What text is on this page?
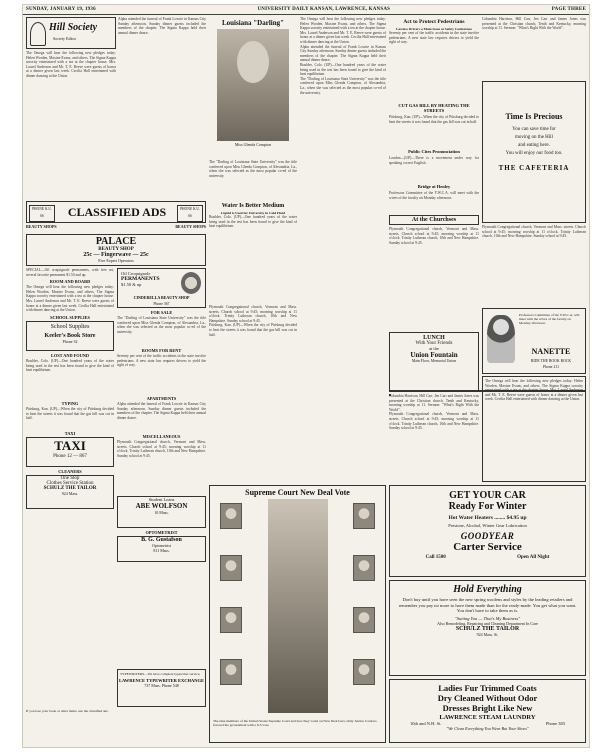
SUNDAY, JANUARY 19, 1936	UNIVERSITY DAILY KANSAN, LAWRENCE, KANSAS	PAGE THREE
Hill Society
Society Editor
The Omega will hear the following new pledges today: Helen Worden, Maxine Evans, and others. The Sigma Kappa sorority entertained with a tea at the chapter house. Mrs. Laurel Anderson and Mr. T. E. Reeve were guests of honor at a dinner given last week. Cecilia Hall entertained with dinner dancing at the Union.
PHONE K.U. 66	CLASSIFIED ADS	PHONE K.U. 66
BEAUTY SHOPS	BEAUTY SHOPS
PALACE
BEAUTY SHOP
25c — Fingerwave — 25c
Five Expert Operators
SPECIAL—Oil croquignole permanents, with free set, several favorite permanent $1.50 and up.
ROOM AND BOARD
The Omega will hear the following new pledges today: Helen Worden, Maxine Evans, and others. The Sigma Kappa sorority entertained with a tea at the chapter house. Mrs. Laurel Anderson and Mr. T. E. Reeve were guests of honor at a dinner given last week. Cecilia Hall entertained with dinner dancing at the Union.
SCHOOL SUPPLIES
School Supplies
Keeler's Book Store
Phone 32
LOST AND FOUND
Boulder, Colo. (UP)—One hundred years of the water being used in the test has been found to give the kind of heat equilibrium.
TYPING
Pittsburg, Kan. (UP)—When the city of Pittsburg decided to heat the streets it was found that the gas bill was cut in half.
TAXI
TAXI
Phone 12 — 867
CLEANERS
One Stop
Clothes Service Station
SCHULZ THE TAILOR
924 Mass.
Oil Croquignole
PERMANENTS
$1.50 & up
CINDERELLA BEAUTY SHOP
Phone 367
FOR SALE
The "Darling of Louisiana State University" was the title conferred upon Miss Glenda Compton, of Alexandria, La., when she was selected as the most popular co-ed of the university.
ROOMS FOR RENT
Seventy per cent of the traffic accidents in the state involve pedestrians. A new state law requires drivers to yield the right of way.
APARTMENTS
Alpha attended the funeral of Frank Lowrie in Kansas City Sunday afternoon. Sunday dinner guests included the members of the chapter. The Sigma Kappa held their annual dinner dance.
MISCELLANEOUS
Plymouth Congregational church, Vermont and Mass. streets. Church school at 9:45; morning worship at 11 o'clock. Trinity Lutheran church, 10th and New Hampshire. Sunday school at 9:45.
Student Loans
ABE WOLFSON
10 Mass.
OPTOMETRIST
B. G. Gustafson
Optometrist
811 Mass.
TYPEWRITERS—We have complete typewriter service,
LAWRENCE TYPEWRITER EXCHANGE
737 Mass. Phone 548
If you lose your book or other items, use the classified ads.
Alpha attended the funeral of Frank Lowrie in Kansas City Sunday afternoon. Sunday dinner guests included the members of the chapter. The Sigma Kappa held their annual dinner dance.
Louisiana "Darling"
Miss Glenda Compton
The "Darling of Louisiana State University" was the title conferred upon Miss Glenda Compton, of Alexandria, La., when she was selected as the most popular co-ed of the university.
Water Is Better Medium
Liquid is Used for University in Cold Fluid
Boulder, Colo. (UP)—One hundred years of the water being used in the test has been found to give the kind of heat equilibrium.
Plymouth Congregational church, Vermont and Mass. streets. Church school at 9:45; morning worship at 11 o'clock. Trinity Lutheran church, 10th and New Hampshire. Sunday school at 9:45.
Pittsburg, Kan. (UP)—When the city of Pittsburg decided to heat the streets it was found that the gas bill was cut in half.
The Omega will hear the following new pledges today: Helen Worden, Maxine Evans, and others. The Sigma Kappa sorority entertained with a tea at the chapter house. Mrs. Laurel Anderson and Mr. T. E. Reeve were guests of honor at a dinner given last week. Cecilia Hall entertained with dinner dancing at the Union.
Alpha attended the funeral of Frank Lowrie in Kansas City Sunday afternoon. Sunday dinner guests included the members of the chapter. The Sigma Kappa held their annual dinner dance.
Boulder, Colo. (UP)—One hundred years of the water being used in the test has been found to give the kind of heat equilibrium.
The "Darling of Louisiana State University" was the title conferred upon Miss Glenda Compton, of Alexandria, La., when she was selected as the most popular co-ed of the university.
Supreme Court New Deal Vote
The nine members of the United States Supreme Court and how they voted on New Deal laws. Only Justice Cardozo favored the government with a 6-3 vote.
Act to Protect Pedestrians
Lawless Drivers a Main Issue at Safety Conference
Seventy per cent of the traffic accidents in the state involve pedestrians. A new state law requires drivers to yield the right of way.
CUT GAS BILL BY HEATING THE STREETS
Pittsburg, Kan. (UP)—When the city of Pittsburg decided to heat the streets it was found that the gas bill was cut in half.
Public Cites Pronunciation
London—(UP)—There is a movement under way for speaking correct English.
Bridge at Henley
Professors Committee of the Y.W.C.A. will meet with the wives of the faculty on Monday afternoon.
At the Churchses
Plymouth Congregational church, Vermont and Mass. streets. Church school at 9:45; morning worship at 11 o'clock. Trinity Lutheran church, 10th and New Hampshire. Sunday school at 9:45.
LUNCH
With Your Friends
at the
Union Fountain
Main Floor, Memorial Union
Columbia Harrison, Hill Carr, Jen Carr and James Jones was presented at the Christian church, Tenth and Kentucky, morning worship at 11. Sermon: "What's Right With the World".
Plymouth Congregational church, Vermont and Mass. streets. Church school at 9:45; morning worship at 11 o'clock. Trinity Lutheran church, 10th and New Hampshire. Sunday school at 9:45.
Columbia Harrison, Hill Carr, Jen Carr and James Jones was presented at the Christian church, Tenth and Kentucky, morning worship at 11. Sermon: "What's Right With the World".
Time Is Precious
You can save time for
moving on the Hill
and eating here.
You will enjoy our food too.
THE CAFETERIA
Plymouth Congregational church, Vermont and Mass. streets. Church school at 9:45; morning worship at 11 o'clock. Trinity Lutheran church, 10th and New Hampshire. Sunday school at 9:45.
Professors Committee of the Y.W.C.A. will meet with the wives of the faculty on Monday afternoon.
NANETTE
RIDE THE BOOK ROCK
Phone 211
The Omega will hear the following new pledges today: Helen Worden, Maxine Evans, and others. The Sigma Kappa sorority entertained with a tea at the chapter house. Mrs. Laurel Anderson and Mr. T. E. Reeve were guests of honor at a dinner given last week. Cecilia Hall entertained with dinner dancing at the Union.
GET YOUR CAR
Ready For Winter
Hot Water Heaters ........ $4.95 up
Prestone, Alcohol, Winter Gear Lubrication
GOODYEAR
Carter Service
Call 1500	Open All Night
Hold Everything
Don't buy until you have seen the new spring woolens and styles by the leading retailers and remember you pay no more to have them made than for the ready-made. You get what you want. You don't have to take them as is.
"Suiting You — That's My Business"
Also Remodeling, Repairing and Cleaning Department In Care
SCHULZ THE TAILOR
924 Mass. St.
Ladies Fur Trimmed Coats
Dry Cleaned Without Odor
Dresses Bright Like New
LAWRENCE STEAM LAUNDRY
10th and N.H. St.	Phone 383
"We Clean Everything You Wear But Your Shoes"
